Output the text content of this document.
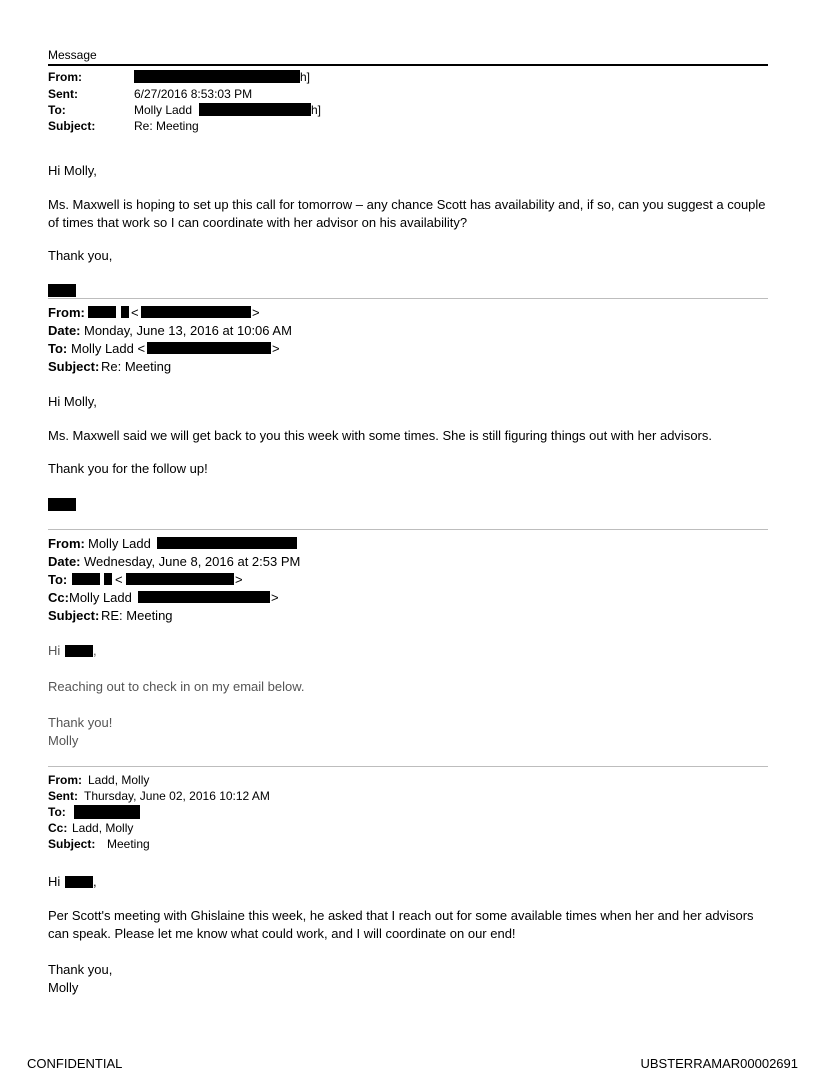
Message
From:	h]
Sent:	6/27/2016 8:53:03 PM
To:	Molly Ladd	h]
Subject:	Re: Meeting
Hi Molly,
Ms. Maxwell is hoping to set up this call for tomorrow – any chance Scott has availability and, if so, can you suggest a couple of times that work so I can coordinate with her advisor on his availability?
Thank you,
From:	<	>
Date: Monday, June 13, 2016 at 10:06 AM
To: Molly Ladd <	>
Subject: Re: Meeting
Hi Molly,
Ms. Maxwell said we will get back to you this week with some times. She is still figuring things out with her advisors.
Thank you for the follow up!
From: Molly Ladd
Date: Wednesday, June 8, 2016 at 2:53 PM
To:	<	>
Cc: Molly Ladd	>
Subject: RE: Meeting
Hi	,
Reaching out to check in on my email below.
Thank you!
Molly
From: Ladd, Molly
Sent: Thursday, June 02, 2016 10:12 AM
To:
Cc: Ladd, Molly
Subject: Meeting
Hi	,
Per Scott's meeting with Ghislaine this week, he asked that I reach out for some available times when her and her advisors can speak. Please let me know what could work, and I will coordinate on our end!
Thank you,
Molly
CONFIDENTIAL	UBSTERRAMAR00002691
